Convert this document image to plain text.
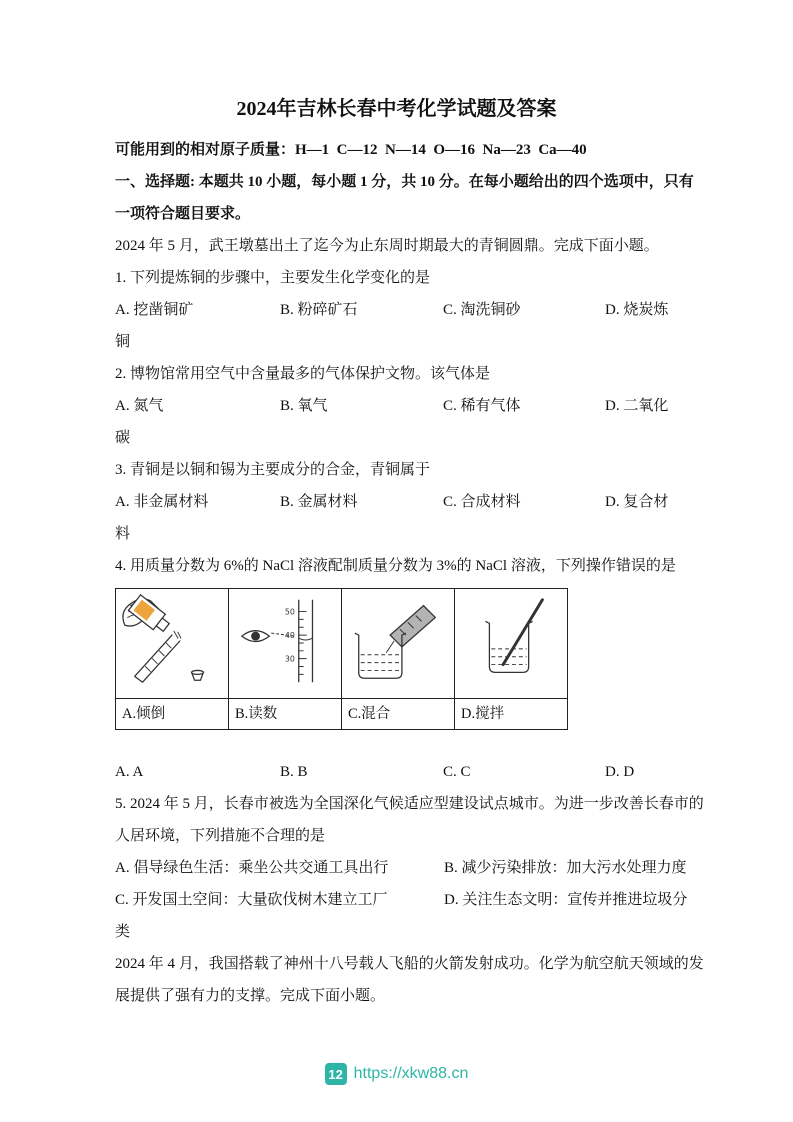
2024年吉林长春中考化学试题及答案
可能用到的相对原子质量：H—1  C—12  N—14  O—16  Na—23  Ca—40
一、选择题: 本题共 10 小题，每小题 1 分，共 10 分。在每小题给出的四个选项中，只有
一项符合题目要求。
2024 年 5 月，武王墩墓出土了迄今为止东周时期最大的青铜圆鼎。完成下面小题。
1. 下列提炼铜的步骤中，主要发生化学变化的是
A. 挖凿铜矿	B. 粉碎矿石	C. 淘洗铜砂	D. 烧炭炼
铜
2. 博物馆常用空气中含量最多的气体保护文物。该气体是
A. 氮气	B. 氧气	C. 稀有气体	D. 二氧化
碳
3. 青铜是以铜和锡为主要成分的合金，青铜属于
A. 非金属材料	B. 金属材料	C. 合成材料	D. 复合材
料
4. 用质量分数为 6%的 NaCl 溶液配制质量分数为 3%的 NaCl 溶液，下列操作错误的是

50
40
30

A.倾倒	B.读数	C.混合	D.搅拌
A. A	B. B	C. C	D. D
5. 2024 年 5 月，长春市被选为全国深化气候适应型建设试点城市。为进一步改善长春市的
人居环境，下列措施不合理的是
A. 倡导绿色生活：乘坐公共交通工具出行	B. 减少污染排放：加大污水处理力度
C. 开发国土空间：大量砍伐树木建立工厂	D. 关注生态文明：宣传并推进垃圾分
类
2024 年 4 月，我国搭载了神州十八号载人飞船的火箭发射成功。化学为航空航天领域的发
展提供了强有力的支撑。完成下面小题。
12 https://xkw88.cn
